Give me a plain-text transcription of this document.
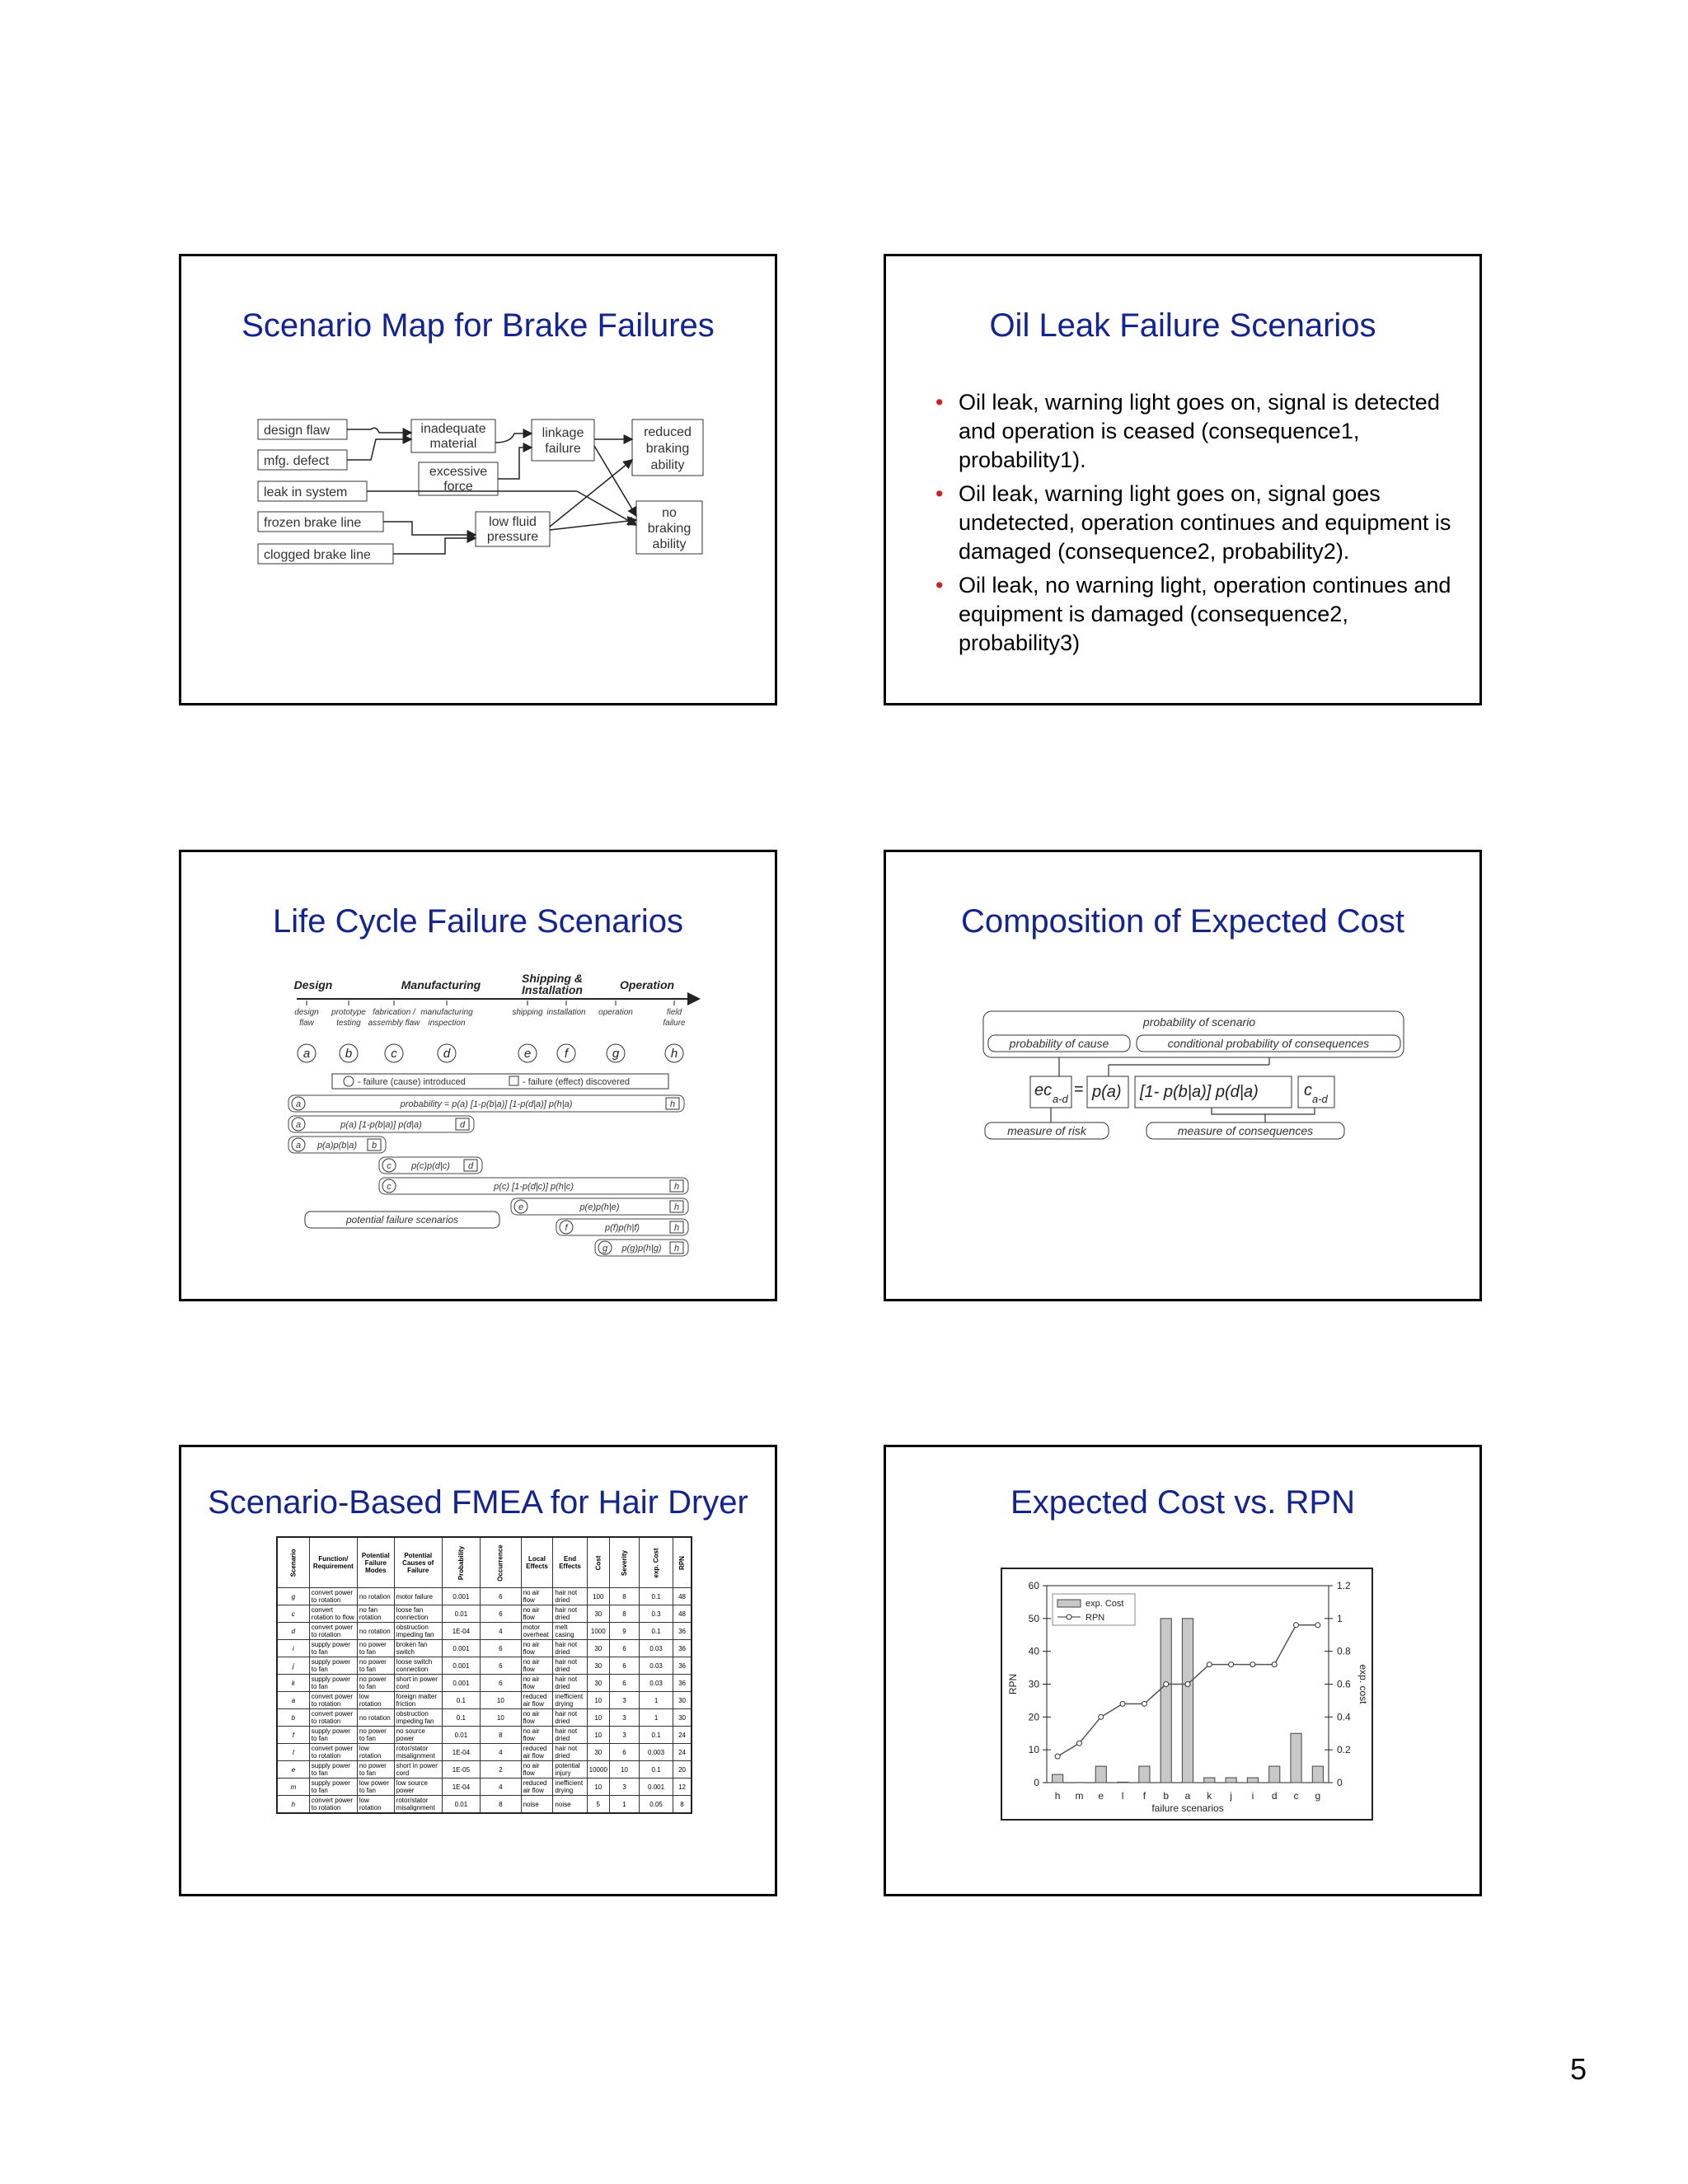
Scenario Map for Brake Failures
design flaw
mfg. defect
leak in system
frozen brake line
clogged brake line
inadequate
material
excessive
force
linkage
failure
low fluid
pressure
reduced
braking
ability
no
braking
ability
Oil Leak Failure Scenarios
• Oil leak, warning light goes on, signal is detected and operation is ceased (consequence1, probability1).
• Oil leak, warning light goes on, signal goes undetected, operation continues and equipment is damaged (consequence2, probability2).
• Oil leak, no warning light, operation continues and equipment is damaged (consequence2, probability3)
Life Cycle Failure Scenarios
Design	Manufacturing	Shipping &
Installation	Operation
design
flaw
prototype
testing
fabrication /
assembly flaw
manufacturing
inspection
shipping installation operation	field
failure
a	b	c	d	e	f	g	h
- failure (cause) introduced	- failure (effect) discovered
a	h
probability = p(a) [1-p(b|a)] [1-p(d|a)] p(h|a)
a	d
p(a) [1-p(b|a)] p(d|a)
a	b
p(a)p(b|a)
c	d
p(c)p(d|c)
c	h
p(c) [1-p(d|c)] p(h|c)
e	h
p(e)p(h|e)
f	h
p(f)p(h|f)
g	h
p(g)p(h|g)
potential failure scenarios
Composition of Expected Cost
probability of scenario
probability of cause	conditional probability of consequences
measure of risk	measure of consequences
ec a-d
= p(a) [1- p(b|a)] p(d|a)	c a-d
Scenario-Based FMEA for Hair Dryer
Scenario	Function/ Requirement	Potential Failure Modes	Potential Causes of Failure	Probability	Occurrence	Local Effects	End Effects	Cost	Severity	exp. Cost	RPN
g	convert power to rotation	no rotation	motor failure	0.001	6	no air flow	hair not dried	100	8	0.1	48
c	convert rotation to flow	no fan rotation	loose fan connection	0.01	6	no air flow	hair not dried	30	8	0.3	48
d	convert power to rotation	no rotation	obstruction impeding fan	1E-04	4	motor overheat	melt casing	1000	9	0.1	36
i	supply power to fan	no power to fan	broken fan switch	0.001	6	no air flow	hair not dried	30	6	0.03	36
j	supply power to fan	no power to fan	loose switch connection	0.001	6	no air flow	hair not dried	30	6	0.03	36
k	supply power to fan	no power to fan	short in power cord	0.001	6	no air flow	hair not dried	30	6	0.03	36
a	convert power to rotation	low rotation	foreign matter friction	0.1	10	reduced air flow	inefficient drying	10	3	1	30
b	convert power to rotation	no rotation	obstruction impeding fan	0.1	10	no air flow	hair not dried	10	3	1	30
f	supply power to fan	no power to fan	no source power	0.01	8	no air flow	hair not dried	10	3	0.1	24
l	convert power to rotation	low rotation	rotor/stator misalignment	1E-04	4	reduced air flow	hair not dried	30	6	0.003	24
e	supply power to fan	no power to fan	short in power cord	1E-05	2	no air flow	potential injury	10000	10	0.1	20
m	supply power to fan	low power to fan	low source power	1E-04	4	reduced air flow	inefficient drying	10	3	0.001	12
h	convert power to rotation	low rotation	rotor/stator misalignment	0.01	8	noise	noise	5	1	0.05	8
Expected Cost vs. RPN
0
10
20
30
40
50
60
0
0.2
0.4
0.6
0.8
1
1.2
h m e l f b a k j i d c g
failure scenarios
RPN	exp. cost
exp. Cost
RPN
5
